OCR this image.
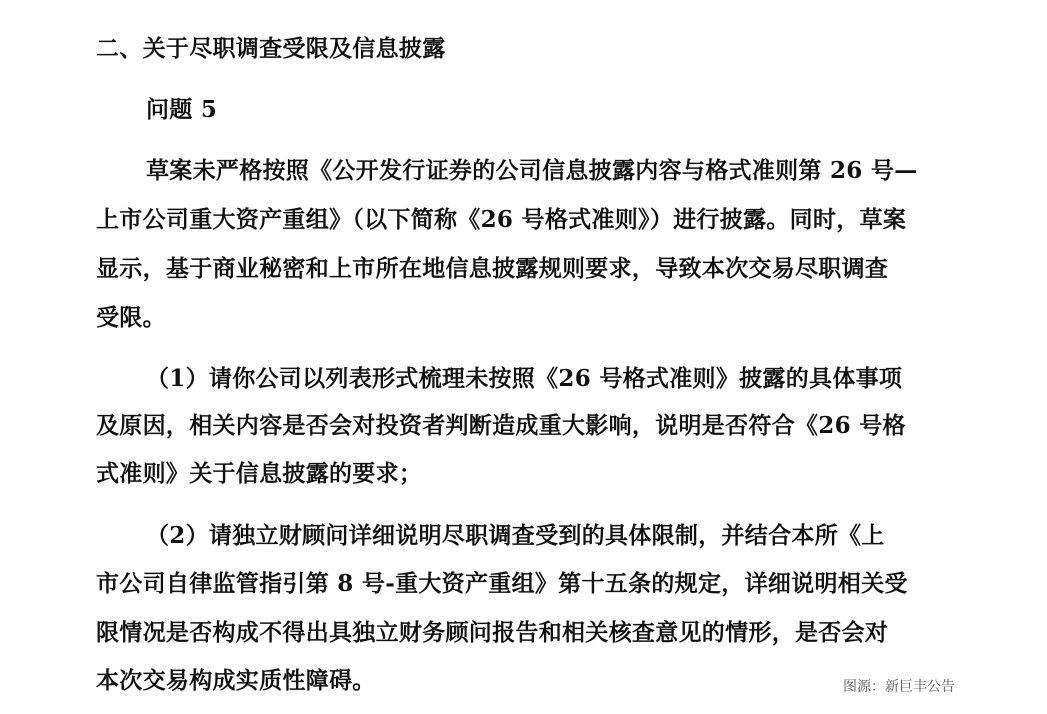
二、关于尽职调查受限及信息披露
问题 5
草案未严格按照《公开发行证券的公司信息披露内容与格式准则第 26 号—
上市公司重大资产重组》（以下简称《26 号格式准则》）进行披露。同时，草案
显示，基于商业秘密和上市所在地信息披露规则要求，导致本次交易尽职调查
受限。
（1）请你公司以列表形式梳理未按照《26 号格式准则》披露的具体事项
及原因，相关内容是否会对投资者判断造成重大影响，说明是否符合《26 号格
式准则》关于信息披露的要求；
（2）请独立财顾问详细说明尽职调查受到的具体限制，并结合本所《上
市公司自律监管指引第 8 号-重大资产重组》第十五条的规定，详细说明相关受
限情况是否构成不得出具独立财务顾问报告和相关核查意见的情形，是否会对
本次交易构成实质性障碍。	图源：新巨丰公告
